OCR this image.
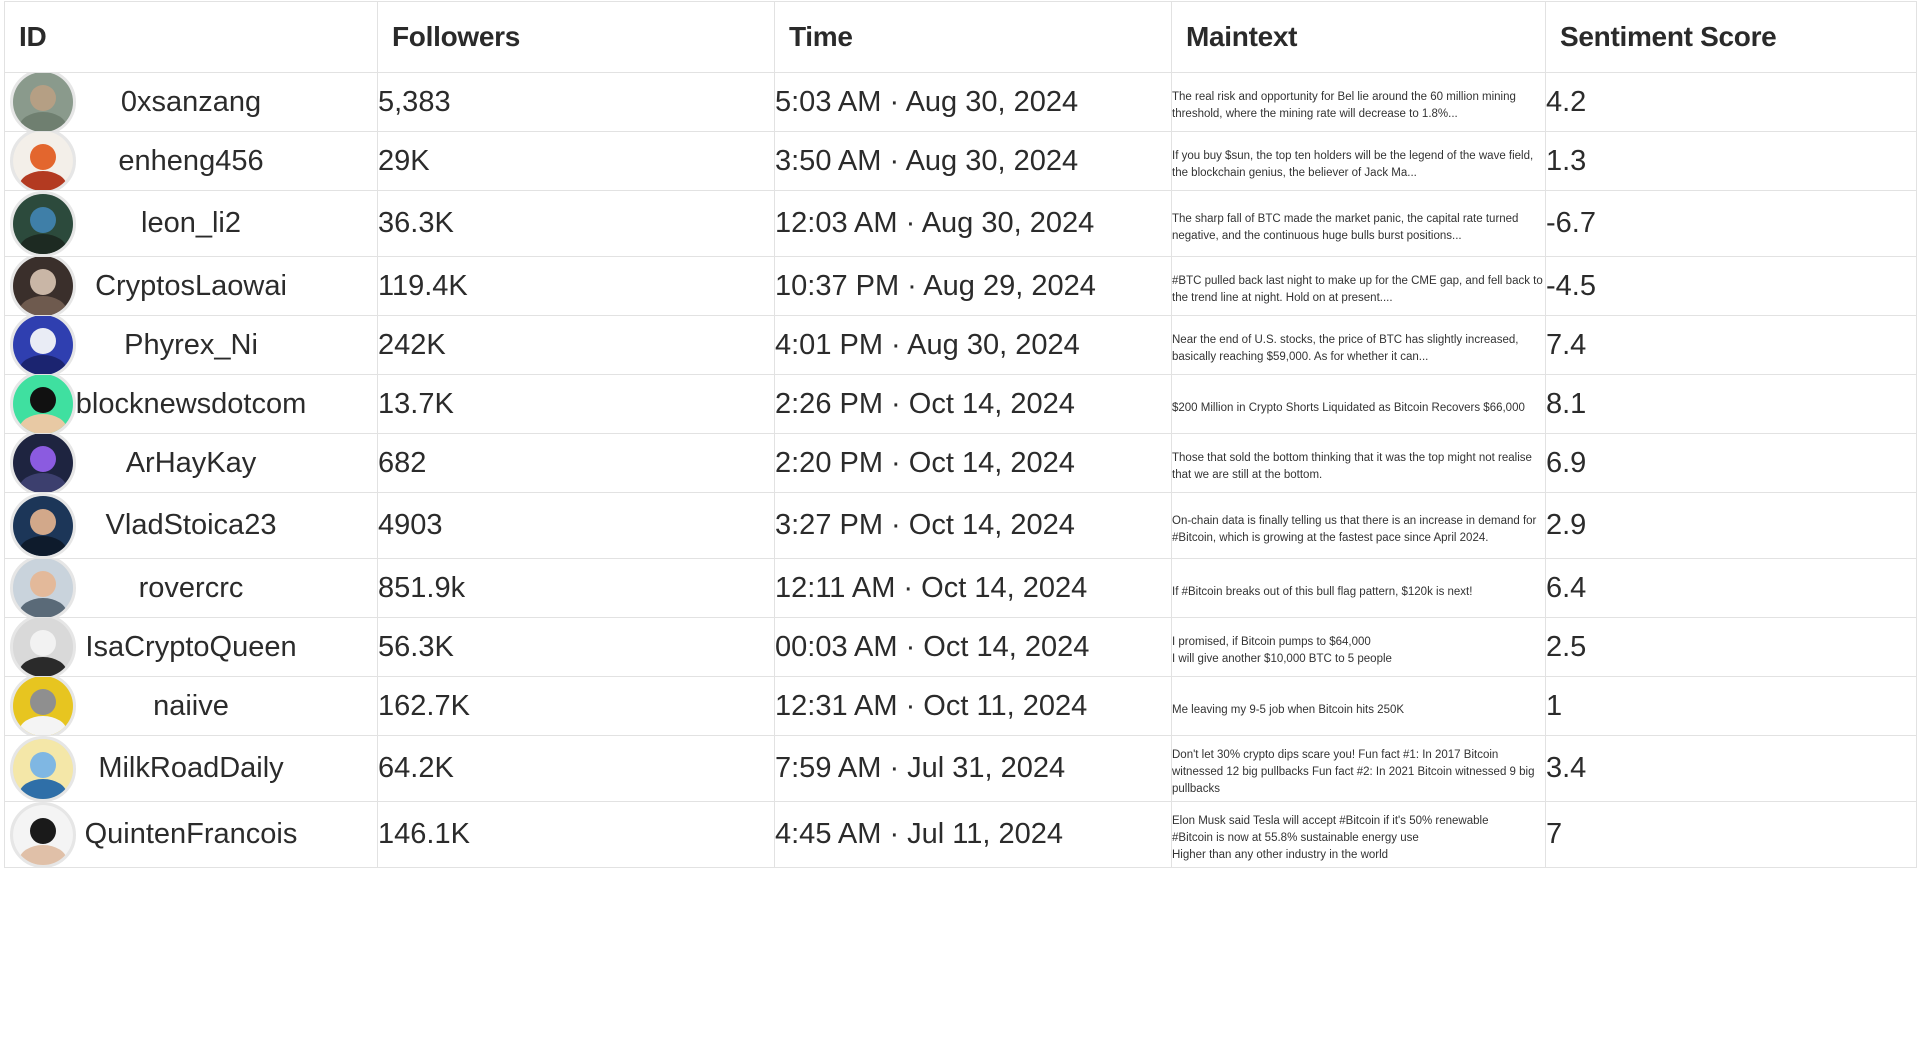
ID	Followers	Time	Maintext	Sentiment Score

0xsanzang	5,383	5:03 AM · Aug 30, 2024	The real risk and opportunity for Bel lie around the 60 million mining threshold, where the mining rate will decrease to 1.8%...	4.2

enheng456	29K	3:50 AM · Aug 30, 2024	If you buy $sun, the top ten holders will be the legend of the wave field, the blockchain genius, the believer of Jack Ma...	1.3

leon_li2	36.3K	12:03 AM · Aug 30, 2024	The sharp fall of BTC made the market panic, the capital rate turned negative, and the continuous huge bulls burst positions...	-6.7

CryptosLaowai	119.4K	10:37 PM · Aug 29, 2024	#BTC pulled back last night to make up for the CME gap, and fell back to the trend line at night. Hold on at present....	-4.5

Phyrex_Ni	242K	4:01 PM · Aug 30, 2024	Near the end of U.S. stocks, the price of BTC has slightly increased, basically reaching $59,000. As for whether it can...	7.4

blocknewsdotcom	13.7K	2:26 PM · Oct 14, 2024	$200 Million in Crypto Shorts Liquidated as Bitcoin Recovers $66,000	8.1

ArHayKay	682	2:20 PM · Oct 14, 2024	Those that sold the bottom thinking that it was the top might not realise that we are still at the bottom.	6.9

VladStoica23	4903	3:27 PM · Oct 14, 2024	On-chain data is finally telling us that there is an increase in demand for #Bitcoin, which is growing at the fastest pace since April 2024.	2.9

rovercrc	851.9k	12:11 AM · Oct 14, 2024	If #Bitcoin breaks out of this bull flag pattern, $120k is next!	6.4

IsaCryptoQueen	56.3K	00:03 AM · Oct 14, 2024	I promised, if Bitcoin pumps to $64,000
I will give another $10,000 BTC to 5 people	2.5

naiive	162.7K	12:31 AM · Oct 11, 2024	Me leaving my 9-5 job when Bitcoin hits 250K	1

MilkRoadDaily	64.2K	7:59 AM · Jul 31, 2024	Don't let 30% crypto dips scare you! Fun fact #1: In 2017 Bitcoin witnessed 12 big pullbacks Fun fact #2: In 2021 Bitcoin witnessed 9 big pullbacks	3.4

QuintenFrancois	146.1K	4:45 AM · Jul 11, 2024	Elon Musk said Tesla will accept #Bitcoin if it's 50% renewable
#Bitcoin is now at 55.8% sustainable energy use
Higher than any other industry in the world	7
